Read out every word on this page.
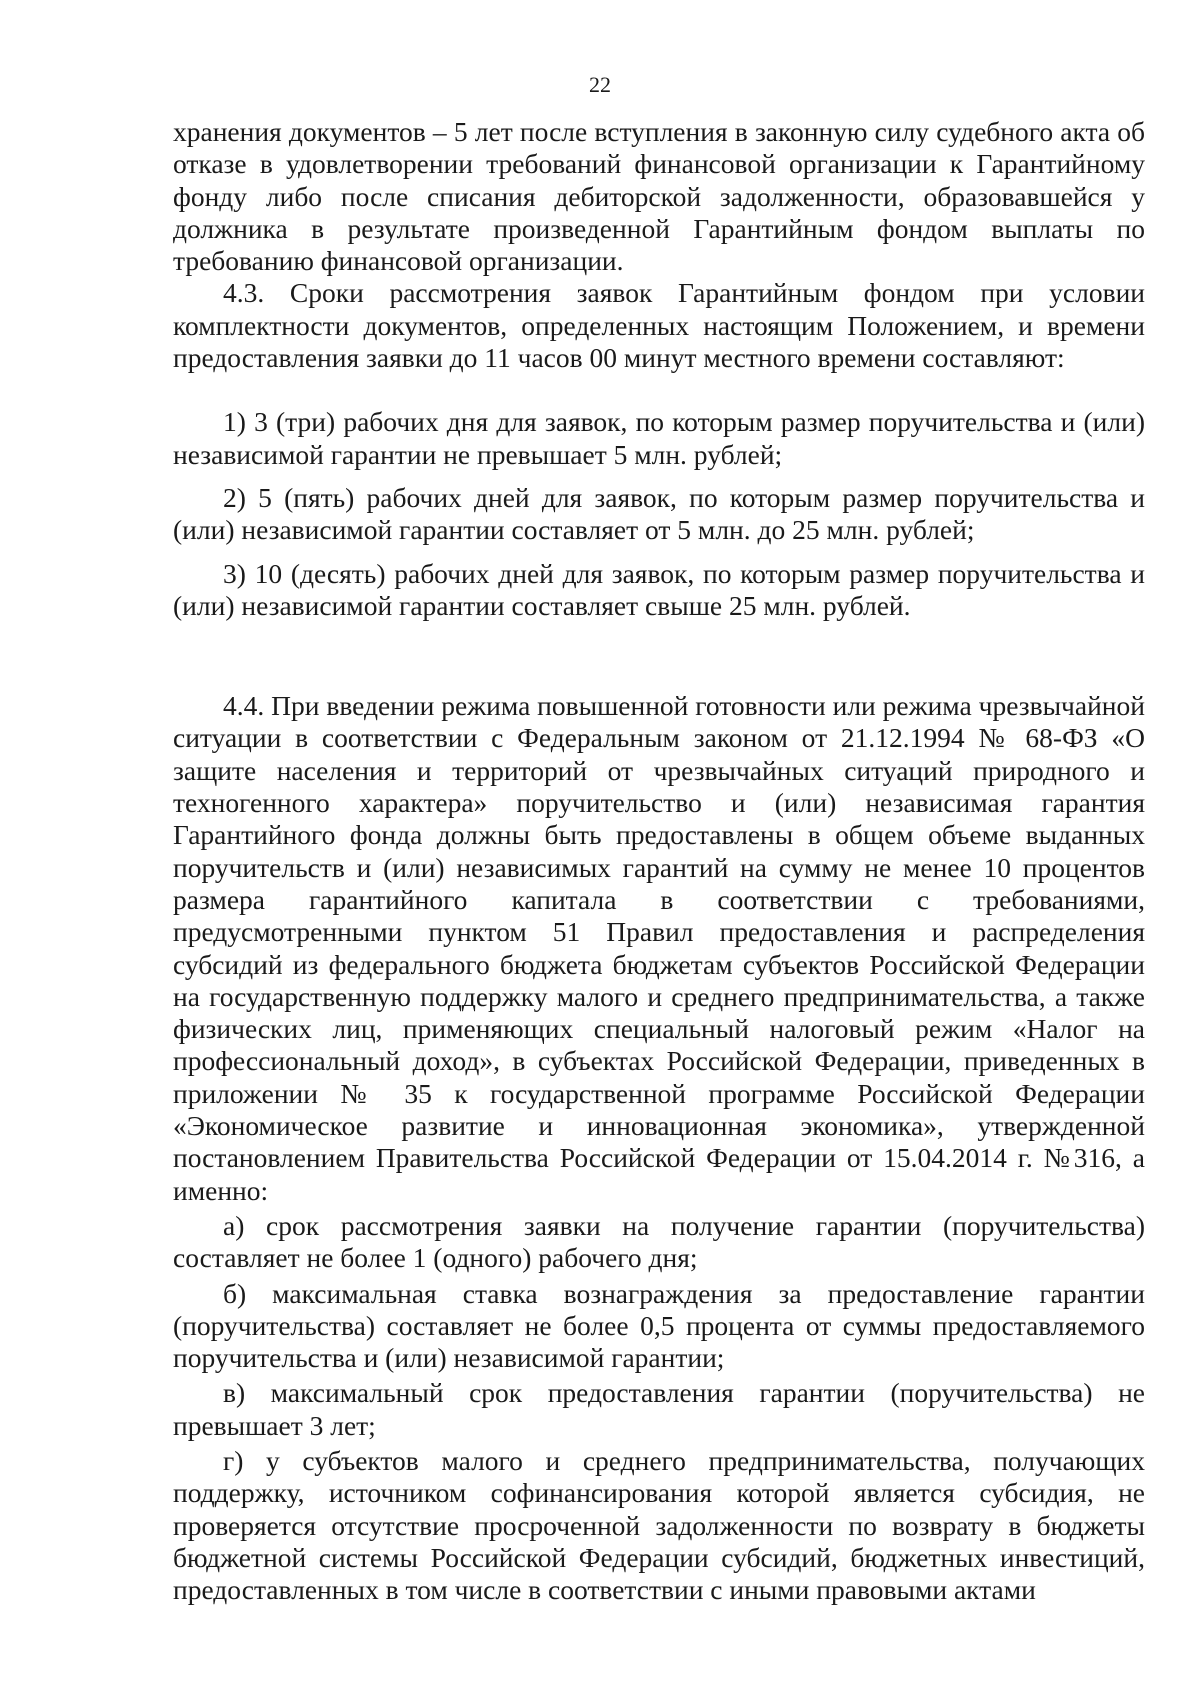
22

хранения документов – 5 лет после вступления в законную силу судебного акта об отказе в удовлетворении требований финансовой организации к Гарантийному фонду либо после списания дебиторской задолженности, образовавшейся у должника в результате произведенной Гарантийным фондом выплаты по требованию финансовой организации.

4.3. Сроки рассмотрения заявок Гарантийным фондом при условии комплектности документов, определенных настоящим Положением, и времени предоставления заявки до 11 часов 00 минут местного времени составляют:

1) 3 (три) рабочих дня для заявок, по которым размер поручительства и (или) независимой гарантии не превышает 5 млн. рублей;

2) 5 (пять) рабочих дней для заявок, по которым размер поручительства и (или) независимой гарантии составляет от 5 млн. до 25 млн. рублей;

3) 10 (десять) рабочих дней для заявок, по которым размер поручительства и (или) независимой гарантии составляет свыше 25 млн. рублей.

4.4. При введении режима повышенной готовности или режима чрезвычайной ситуации в соответствии с Федеральным законом от 21.12.1994 № 68-ФЗ «О защите населения и территорий от чрезвычайных ситуаций природного и техногенного характера» поручительство и (или) независимая гарантия Гарантийного фонда должны быть предоставлены в общем объеме выданных поручительств и (или) независимых гарантий на сумму не менее 10 процентов размера гарантийного капитала в соответствии с требованиями, предусмотренными пунктом 51 Правил предоставления и распределения субсидий из федерального бюджета бюджетам субъектов Российской Федерации на государственную поддержку малого и среднего предпринимательства, а также физических лиц, применяющих специальный налоговый режим «Налог на профессиональный доход», в субъектах Российской Федерации, приведенных в приложении № 35 к государственной программе Российской Федерации «Экономическое развитие и инновационная экономика», утвержденной постановлением Правительства Российской Федерации от 15.04.2014 г. №316, а именно:

а) срок рассмотрения заявки на получение гарантии (поручительства) составляет не более 1 (одного) рабочего дня;

б) максимальная ставка вознаграждения за предоставление гарантии (поручительства) составляет не более 0,5 процента от суммы предоставляемого поручительства и (или) независимой гарантии;

в) максимальный срок предоставления гарантии (поручительства) не превышает 3 лет;

г) у субъектов малого и среднего предпринимательства, получающих поддержку, источником софинансирования которой является субсидия, не проверяется отсутствие просроченной задолженности по возврату в бюджеты бюджетной системы Российской Федерации субсидий, бюджетных инвестиций, предоставленных в том числе в соответствии с иными правовыми актами
